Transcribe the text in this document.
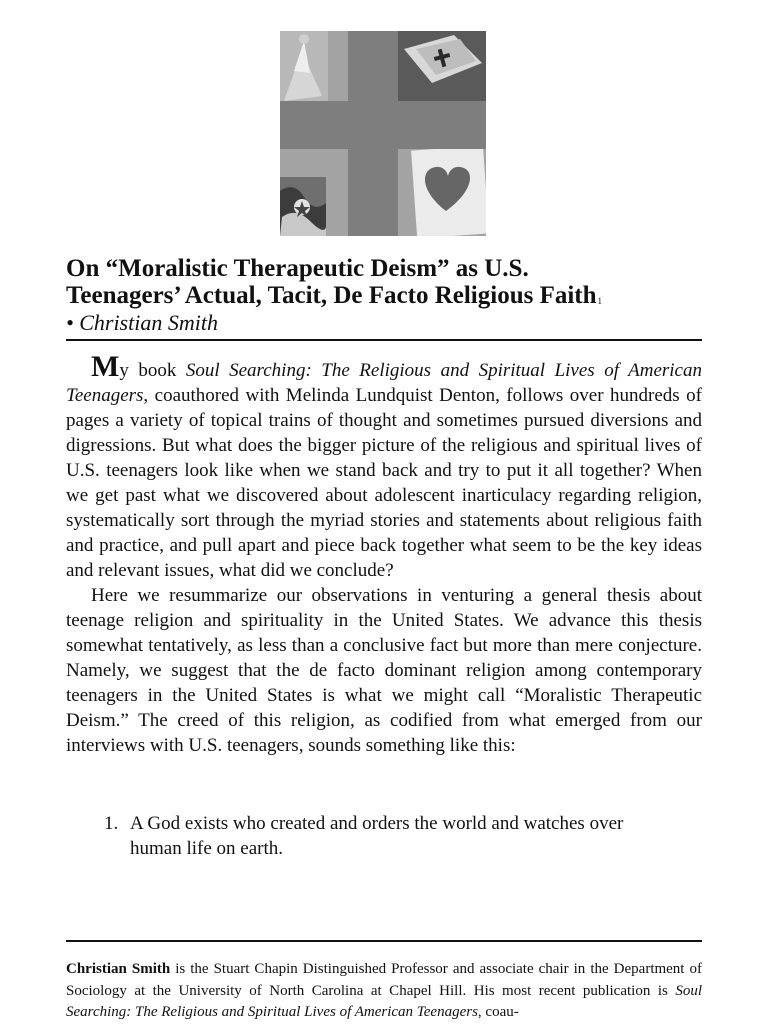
On “Moralistic Therapeutic Deism” as U.S.
Teenagers’ Actual, Tacit, De Facto Religious Faith$^1$
• Christian Smith

My book Soul Searching: The Religious and Spiritual Lives of American Teenagers, coauthored with Melinda Lundquist Denton, follows over hundreds of pages a variety of topical trains of thought and sometimes pursued diversions and digressions. But what does the bigger picture of the religious and spiritual lives of U.S. teenagers look like when we stand back and try to put it all together? When we get past what we discovered about adolescent inarticulacy regarding religion, systematically sort through the myriad stories and statements about religious faith and practice, and pull apart and piece back together what seem to be the key ideas and relevant issues, what did we conclude?

Here we resummarize our observations in venturing a general thesis about teenage religion and spirituality in the United States. We advance this thesis somewhat tentatively, as less than a conclusive fact but more than mere conjecture. Namely, we suggest that the de facto dominant religion among contemporary teenagers in the United States is what we might call “Moralistic Therapeutic Deism.” The creed of this religion, as codified from what emerged from our interviews with U.S. teenagers, sounds something like this:

1. A God exists who created and orders the world and watches over human life on earth.
Christian Smith is the Stuart Chapin Distinguished Professor and associate chair in the Department of Sociology at the University of North Carolina at Chapel Hill. His most recent publication is Soul Searching: The Religious and Spiritual Lives of American Teenagers, coau-
